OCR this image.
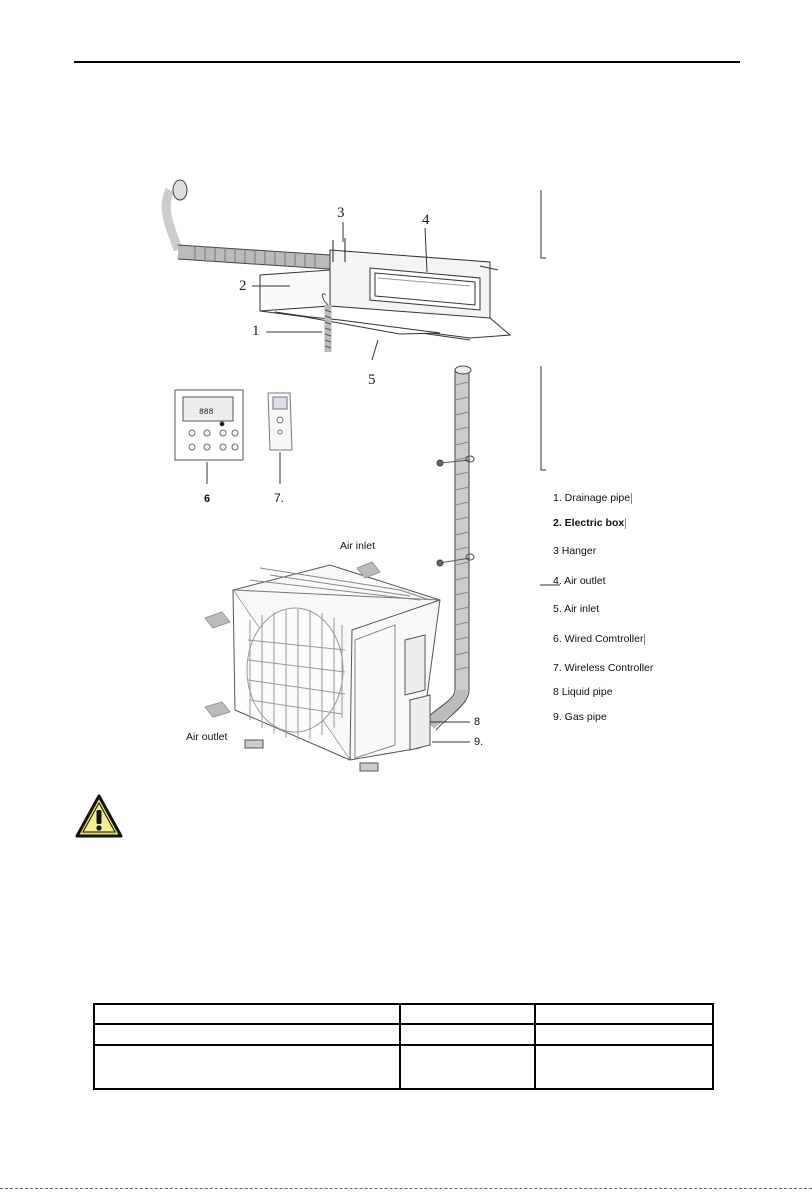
888
3	4
2
1
5
6	7.
8
9.
Air inlet
Air outlet
1. Drainage pipe
2. Electric box
3 Hanger
4. Air outlet
5. Air inlet
6. Wired Comtroller
7. Wireless Controller
8 Liquid pipe
9. Gas pipe
